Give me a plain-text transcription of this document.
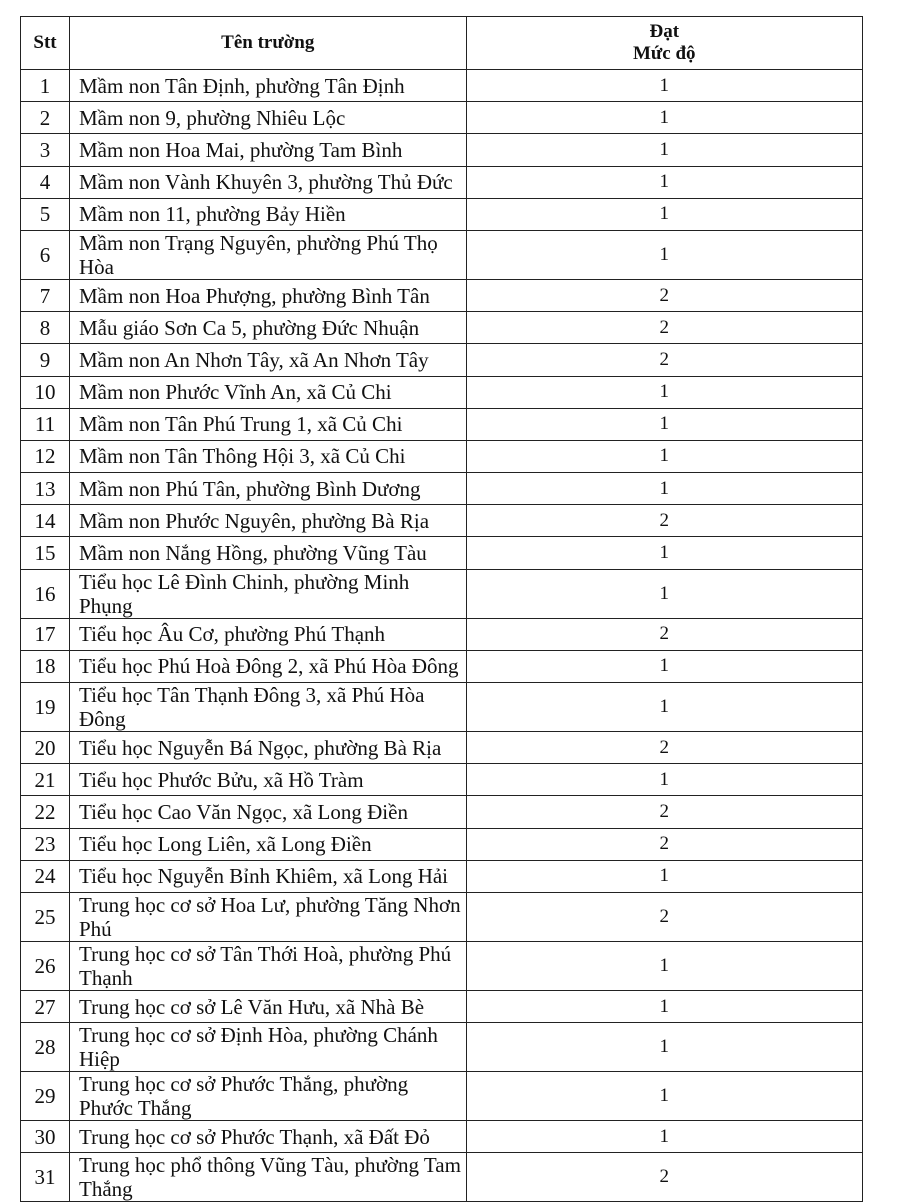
Stt	Tên trường	Đạt
Mức độ

1	Mầm non Tân Định, phường Tân Định	1
2	Mầm non 9, phường Nhiêu Lộc	1
3	Mầm non Hoa Mai, phường Tam Bình	1
4	Mầm non Vành Khuyên 3, phường Thủ Đức	1
5	Mầm non 11, phường Bảy Hiền	1
6	Mầm non Trạng Nguyên, phường Phú Thọ Hòa	1
7	Mầm non Hoa Phượng, phường Bình Tân	2
8	Mẫu giáo Sơn Ca 5, phường Đức Nhuận	2
9	Mầm non An Nhơn Tây, xã An Nhơn Tây	2
10	Mầm non Phước Vĩnh An, xã Củ Chi	1
11	Mầm non Tân Phú Trung 1, xã Củ Chi	1
12	Mầm non Tân Thông Hội 3, xã Củ Chi	1
13	Mầm non Phú Tân, phường Bình Dương	1
14	Mầm non Phước Nguyên, phường Bà Rịa	2
15	Mầm non Nắng Hồng, phường Vũng Tàu	1
16	Tiểu học Lê Đình Chinh, phường Minh Phụng	1
17	Tiểu học Âu Cơ, phường Phú Thạnh	2
18	Tiểu học Phú Hoà Đông 2, xã Phú Hòa Đông	1
19	Tiểu học Tân Thạnh Đông 3, xã Phú Hòa Đông	1
20	Tiểu học Nguyễn Bá Ngọc, phường Bà Rịa	2
21	Tiểu học Phước Bửu, xã Hồ Tràm	1
22	Tiểu học Cao Văn Ngọc, xã Long Điền	2
23	Tiểu học Long Liên, xã Long Điền	2
24	Tiểu học Nguyễn Bỉnh Khiêm, xã Long Hải	1
25	Trung học cơ sở Hoa Lư, phường Tăng Nhơn Phú	2
26	Trung học cơ sở Tân Thới Hoà, phường Phú Thạnh	1
27	Trung học cơ sở Lê Văn Hưu, xã Nhà Bè	1
28	Trung học cơ sở Định Hòa, phường Chánh Hiệp	1
29	Trung học cơ sở Phước Thắng, phường Phước Thắng	1
30	Trung học cơ sở Phước Thạnh, xã Đất Đỏ	1
31	Trung học phổ thông Vũng Tàu, phường Tam Thắng	2
